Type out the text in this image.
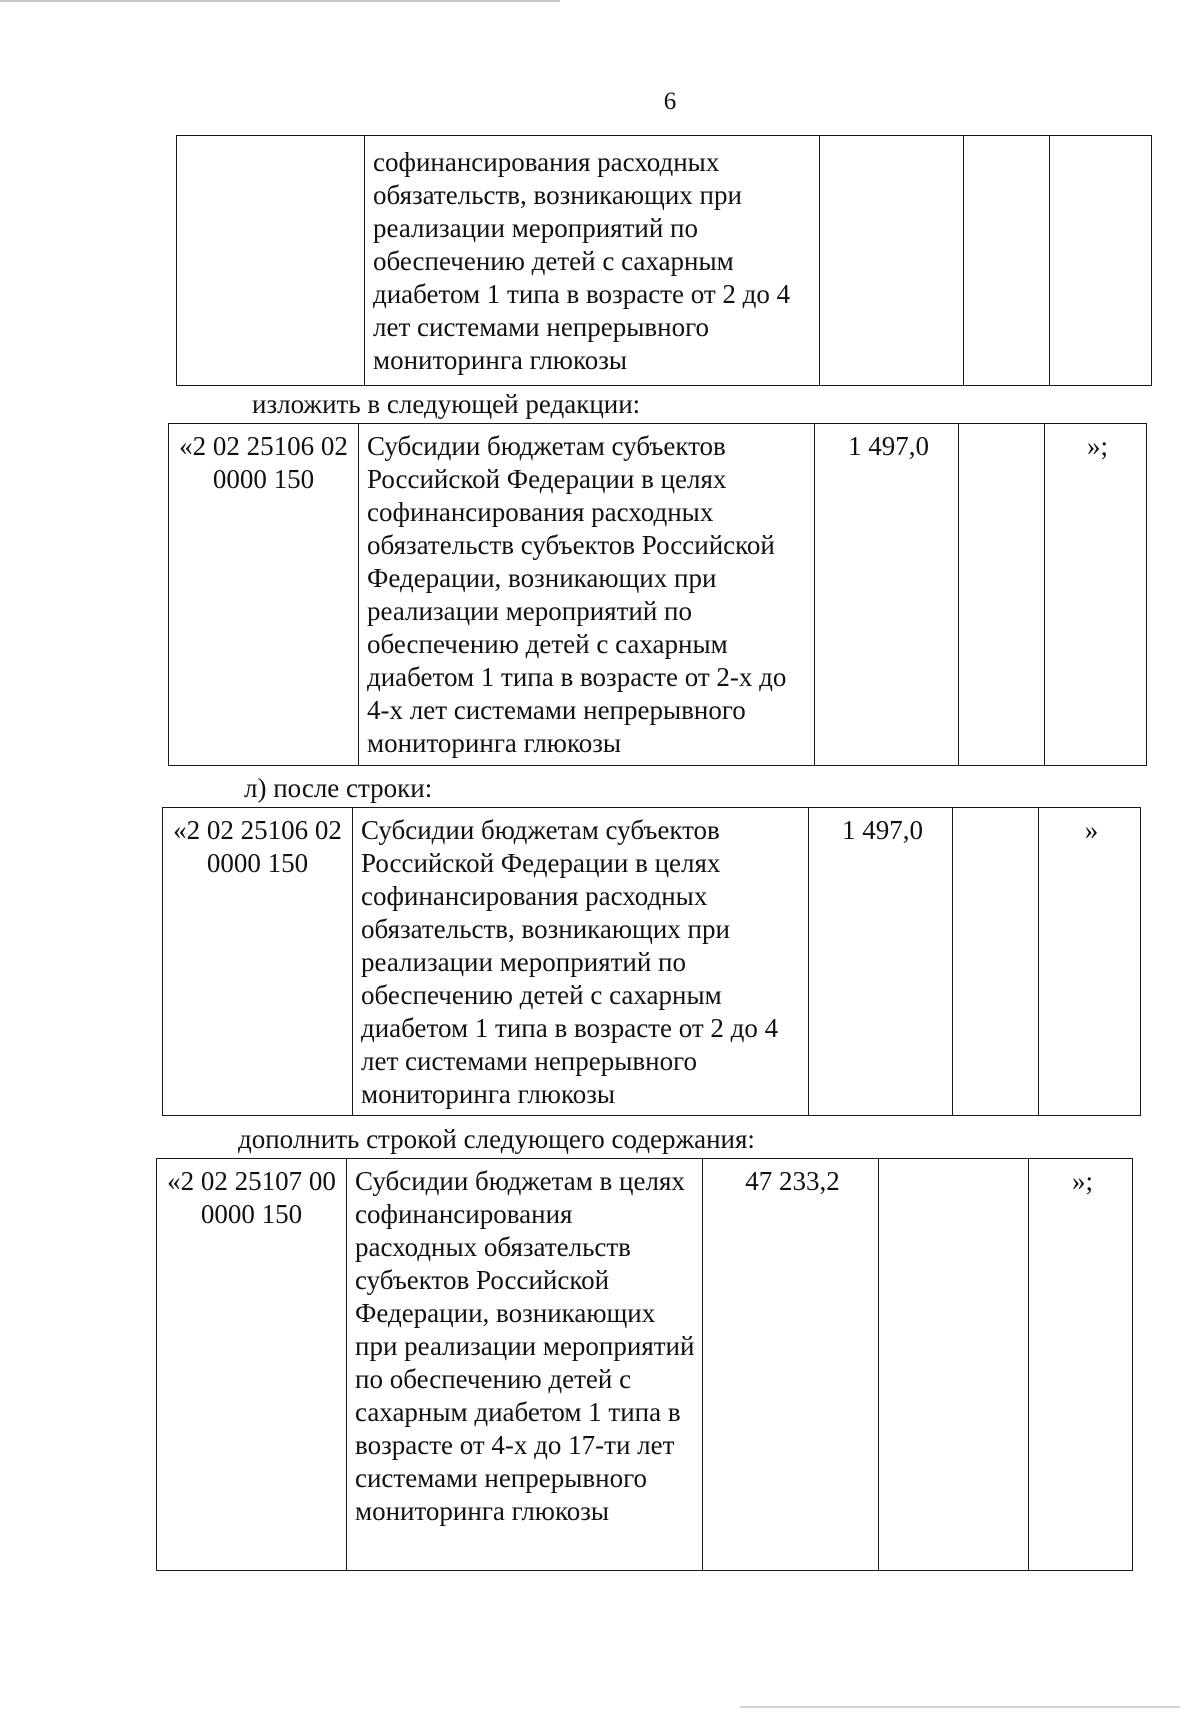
6
	софинансирования расходных обязательств, возникающих при реализации мероприятий по обеспечению детей с сахарным диабетом 1 типа в возрасте от 2 до 4 лет системами непрерывного мониторинга глюкозы			
изложить в следующей редакции:
«2 02 25106 02 0000 150	Субсидии бюджетам субъектов Российской Федерации в целях софинансирования расходных обязательств субъектов Российской Федерации, возникающих при реализации мероприятий по обеспечению детей с сахарным диабетом 1 типа в возрасте от 2-х до 4-х лет системами непрерывного мониторинга глюкозы	1 497,0		»;
л) после строки:
«2 02 25106 02 0000 150	Субсидии бюджетам субъектов Российской Федерации в целях софинансирования расходных обязательств, возникающих при реализации мероприятий по обеспечению детей с сахарным диабетом 1 типа в возрасте от 2 до 4 лет системами непрерывного мониторинга глюкозы	1 497,0		»
дополнить строкой следующего содержания:
«2 02 25107 00 0000 150	Субсидии бюджетам в целях софинансирования расходных обязательств субъектов Российской Федерации, возникающих при реализации мероприятий по обеспечению детей с сахарным диабетом 1 типа в возрасте от 4-х до 17-ти лет системами непрерывного мониторинга глюкозы	47 233,2		»;
